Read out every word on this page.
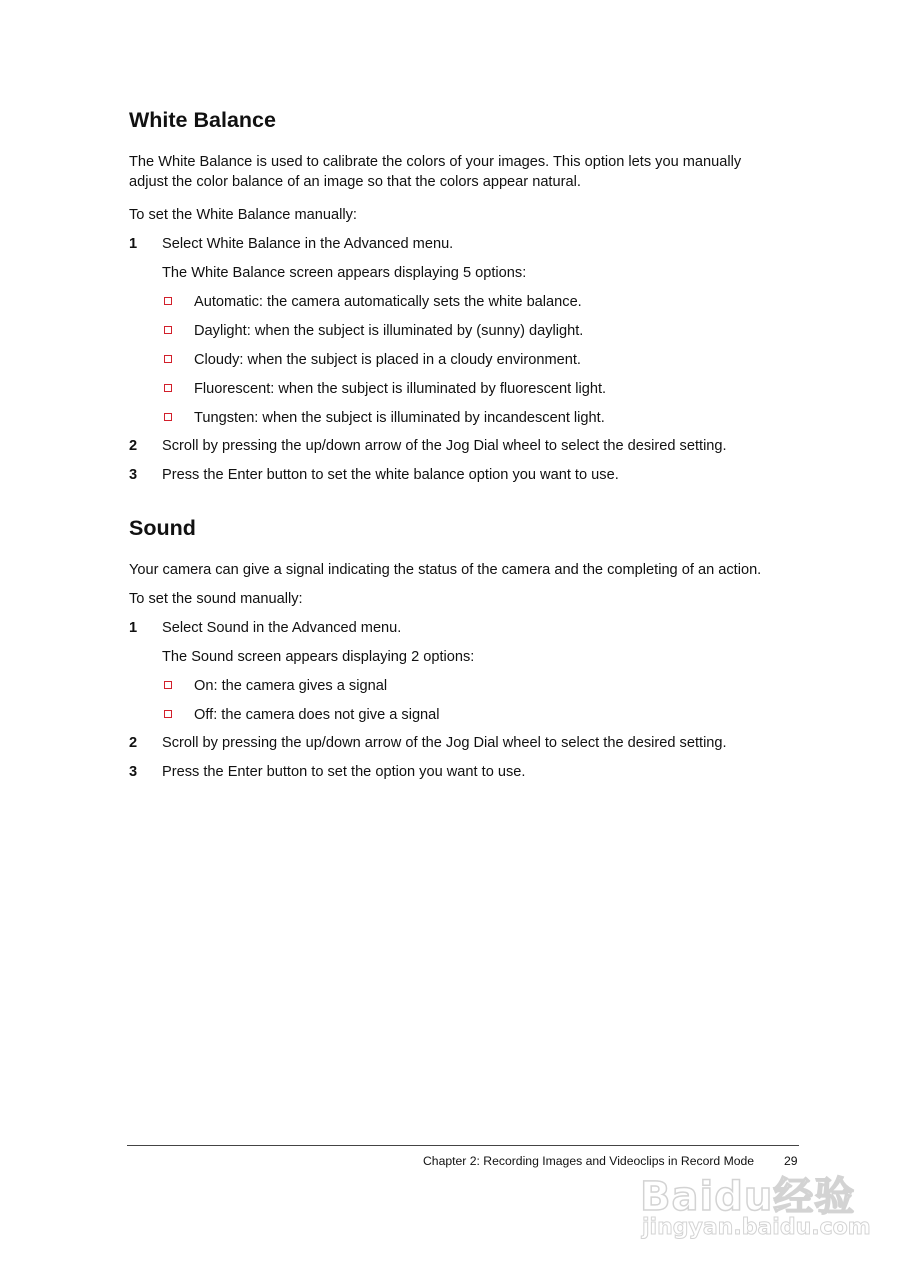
White Balance

The White Balance is used to calibrate the colors of your images. This option lets you manually

adjust the color balance of an image so that the colors appear natural.

To set the White Balance manually:

1 Select White Balance in the Advanced menu.
The White Balance screen appears displaying 5 options:
Automatic: the camera automatically sets the white balance.
Daylight: when the subject is illuminated by (sunny) daylight.
Cloudy: when the subject is placed in a cloudy environment.
Fluorescent: when the subject is illuminated by fluorescent light.
Tungsten: when the subject is illuminated by incandescent light.
2 Scroll by pressing the up/down arrow of the Jog Dial wheel to select the desired setting.
3 Press the Enter button to set the white balance option you want to use.
Sound

Your camera can give a signal indicating the status of the camera and the completing of an action.

To set the sound manually:

1 Select Sound in the Advanced menu.
The Sound screen appears displaying 2 options:
On: the camera gives a signal
Off: the camera does not give a signal
2 Scroll by pressing the up/down arrow of the Jog Dial wheel to select the desired setting.
3 Press the Enter button to set the option you want to use.
Chapter 2: Recording Images and Videoclips in Record Mode 29
Baidu经验
jingyan.baidu.com
